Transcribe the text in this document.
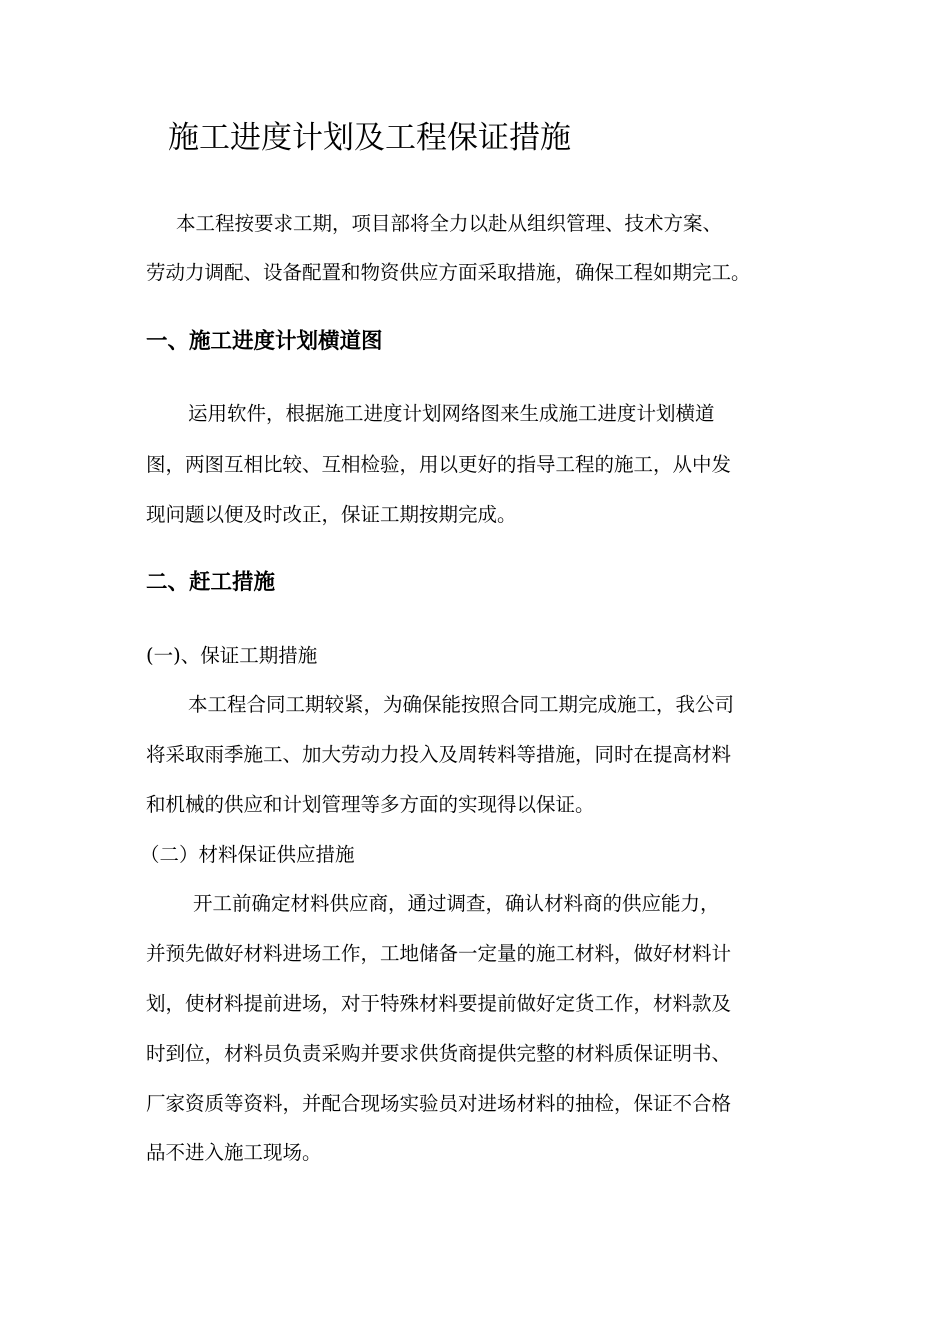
施工进度计划及工程保证措施
本工程按要求工期，项目部将全力以赴从组织管理、技术方案、
劳动力调配、设备配置和物资供应方面采取措施，确保工程如期完工。
一、施工进度计划横道图
运用软件，根据施工进度计划网络图来生成施工进度计划横道
图，两图互相比较、互相检验，用以更好的指导工程的施工，从中发
现问题以便及时改正，保证工期按期完成。
二、赶工措施
(一)、保证工期措施
本工程合同工期较紧，为确保能按照合同工期完成施工，我公司
将采取雨季施工、加大劳动力投入及周转料等措施，同时在提高材料
和机械的供应和计划管理等多方面的实现得以保证。
（二）材料保证供应措施
开工前确定材料供应商，通过调查，确认材料商的供应能力，
并预先做好材料进场工作，工地储备一定量的施工材料，做好材料计
划，使材料提前进场，对于特殊材料要提前做好定货工作，材料款及
时到位，材料员负责采购并要求供货商提供完整的材料质保证明书、
厂家资质等资料，并配合现场实验员对进场材料的抽检，保证不合格
品不进入施工现场。
